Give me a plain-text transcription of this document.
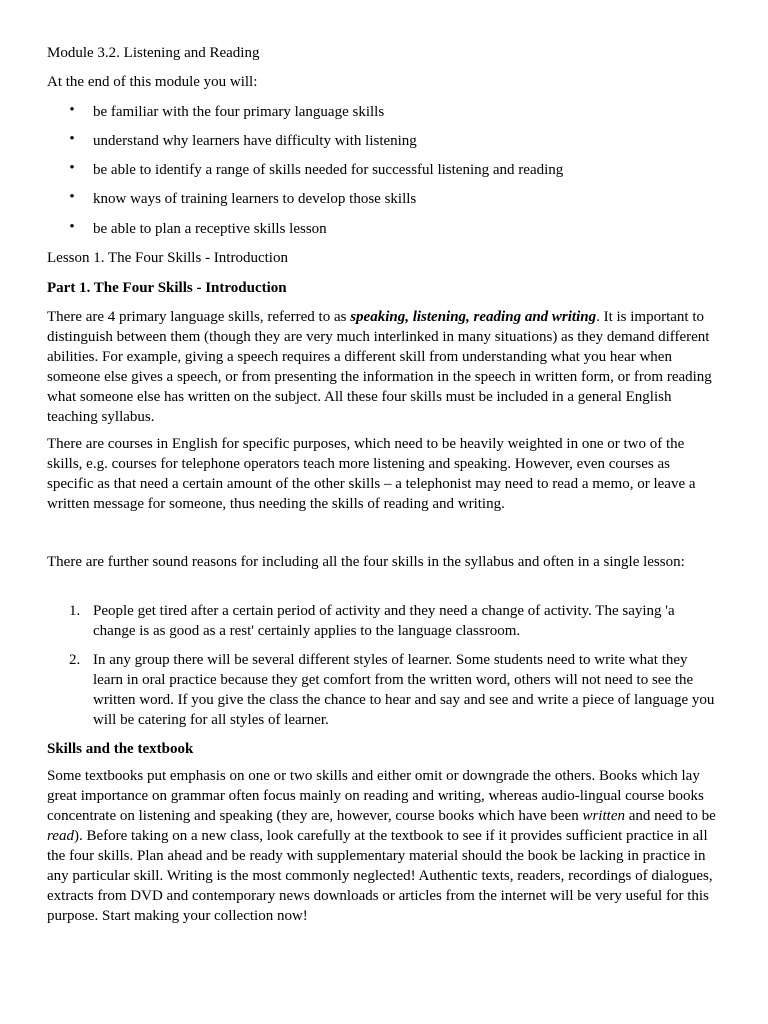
Module 3.2. Listening and Reading

At the end of this module you will:

• be familiar with the four primary language skills
• understand why learners have difficulty with listening
• be able to identify a range of skills needed for successful listening and reading
• know ways of training learners to develop those skills
• be able to plan a receptive skills lesson

Lesson 1. The Four Skills - Introduction

Part 1. The Four Skills - Introduction

There are 4 primary language skills, referred to as speaking, listening, reading and writing. It is important to distinguish between them (though they are very much interlinked in many situations) as they demand different abilities. For example, giving a speech requires a different skill from understanding what you hear when someone else gives a speech, or from presenting the information in the speech in written form, or from reading what someone else has written on the subject. All these four skills must be included in a general English teaching syllabus.

There are courses in English for specific purposes, which need to be heavily weighted in one or two of the skills, e.g. courses for telephone operators teach more listening and speaking. However, even courses as specific as that need a certain amount of the other skills – a telephonist may need to read a memo, or leave a written message for someone, thus needing the skills of reading and writing.

There are further sound reasons for including all the four skills in the syllabus and often in a single lesson:

1. People get tired after a certain period of activity and they need a change of activity. The saying 'a change is as good as a rest' certainly applies to the language classroom.
2. In any group there will be several different styles of learner. Some students need to write what they learn in oral practice because they get comfort from the written word, others will not need to see the written word. If you give the class the chance to hear and say and see and write a piece of language you will be catering for all styles of learner.

Skills and the textbook

Some textbooks put emphasis on one or two skills and either omit or downgrade the others. Books which lay great importance on grammar often focus mainly on reading and writing, whereas audio-lingual course books concentrate on listening and speaking (they are, however, course books which have been written and need to be read). Before taking on a new class, look carefully at the textbook to see if it provides sufficient practice in all the four skills. Plan ahead and be ready with supplementary material should the book be lacking in practice in any particular skill. Writing is the most commonly neglected! Authentic texts, readers, recordings of dialogues, extracts from DVD and contemporary news downloads or articles from the internet will be very useful for this purpose. Start making your collection now!
